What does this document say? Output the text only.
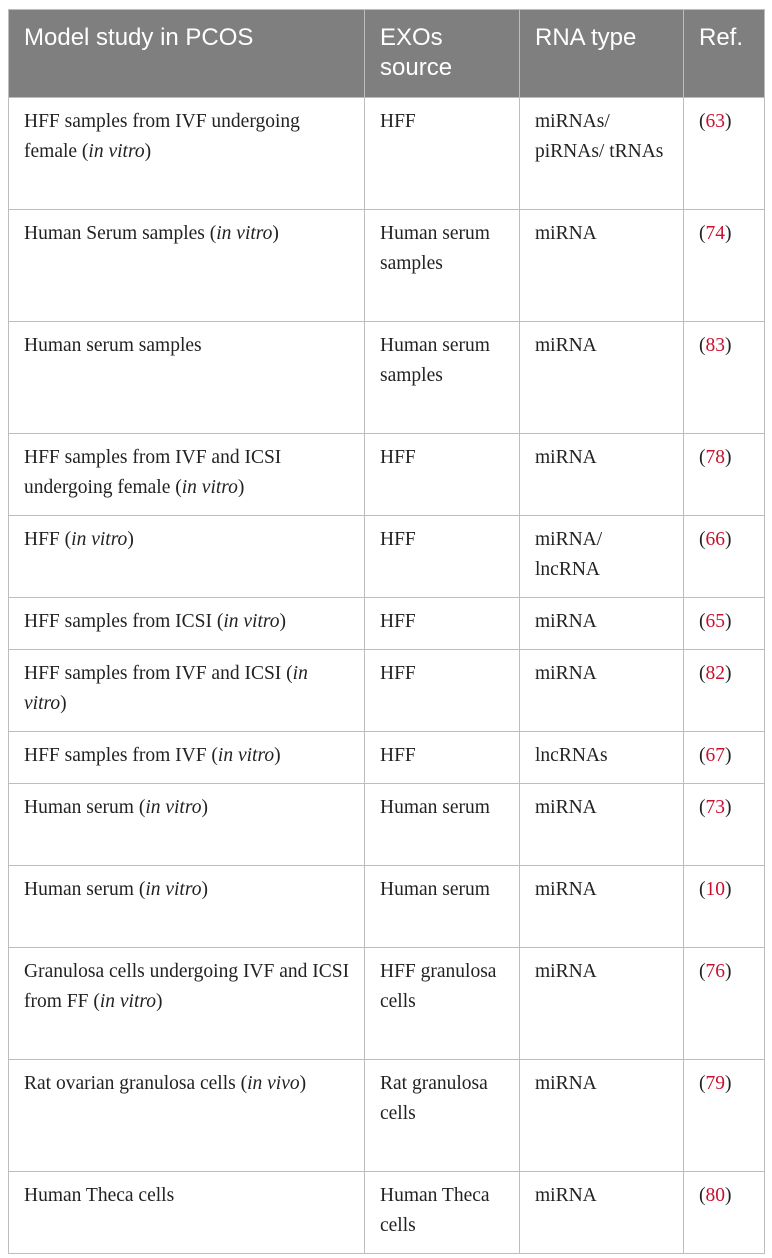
Model study in PCOS	EXOs source	RNA type	Ref.
HFF samples from IVF undergoing female (in vitro)	HFF	miRNAs/ piRNAs/ tRNAs	(63)
Human Serum samples (in vitro)	Human serum samples	miRNA	(74)
Human serum samples	Human serum samples	miRNA	(83)
HFF samples from IVF and ICSI undergoing female (in vitro)	HFF	miRNA	(78)
HFF (in vitro)	HFF	miRNA/ lncRNA	(66)
HFF samples from ICSI (in vitro)	HFF	miRNA	(65)
HFF samples from IVF and ICSI (in vitro)	HFF	miRNA	(82)
HFF samples from IVF (in vitro)	HFF	lncRNAs	(67)
Human serum (in vitro)	Human serum	miRNA	(73)
Human serum (in vitro)	Human serum	miRNA	(10)
Granulosa cells undergoing IVF and ICSI from FF (in vitro)	HFF granulosa cells	miRNA	(76)
Rat ovarian granulosa cells (in vivo)	Rat granulosa cells	miRNA	(79)
Human Theca cells	Human Theca cells	miRNA	(80)
